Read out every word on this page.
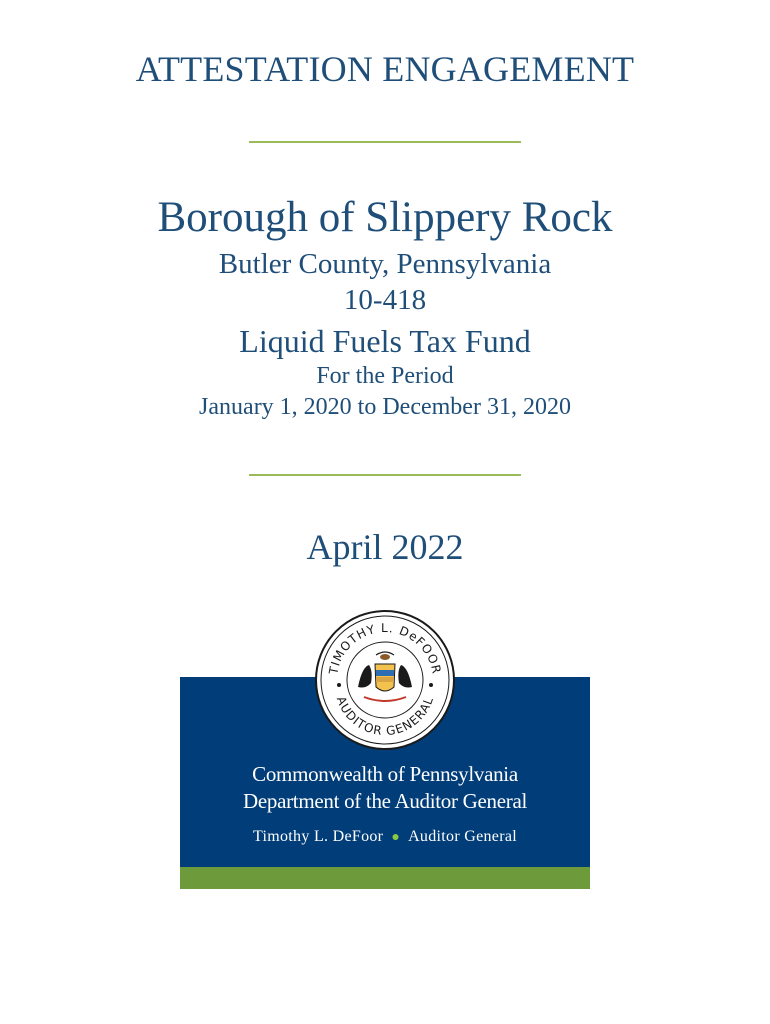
ATTESTATION ENGAGEMENT

Borough of Slippery Rock

Butler County, Pennsylvania

10-418

Liquid Fuels Tax Fund

For the Period

January 1, 2020 to December 31, 2020

April 2022

TIMOTHY L. DeFOOR
AUDITOR GENERAL

Commonwealth of Pennsylvania

Department of the Auditor General

Timothy L. DeFoor ● Auditor General
